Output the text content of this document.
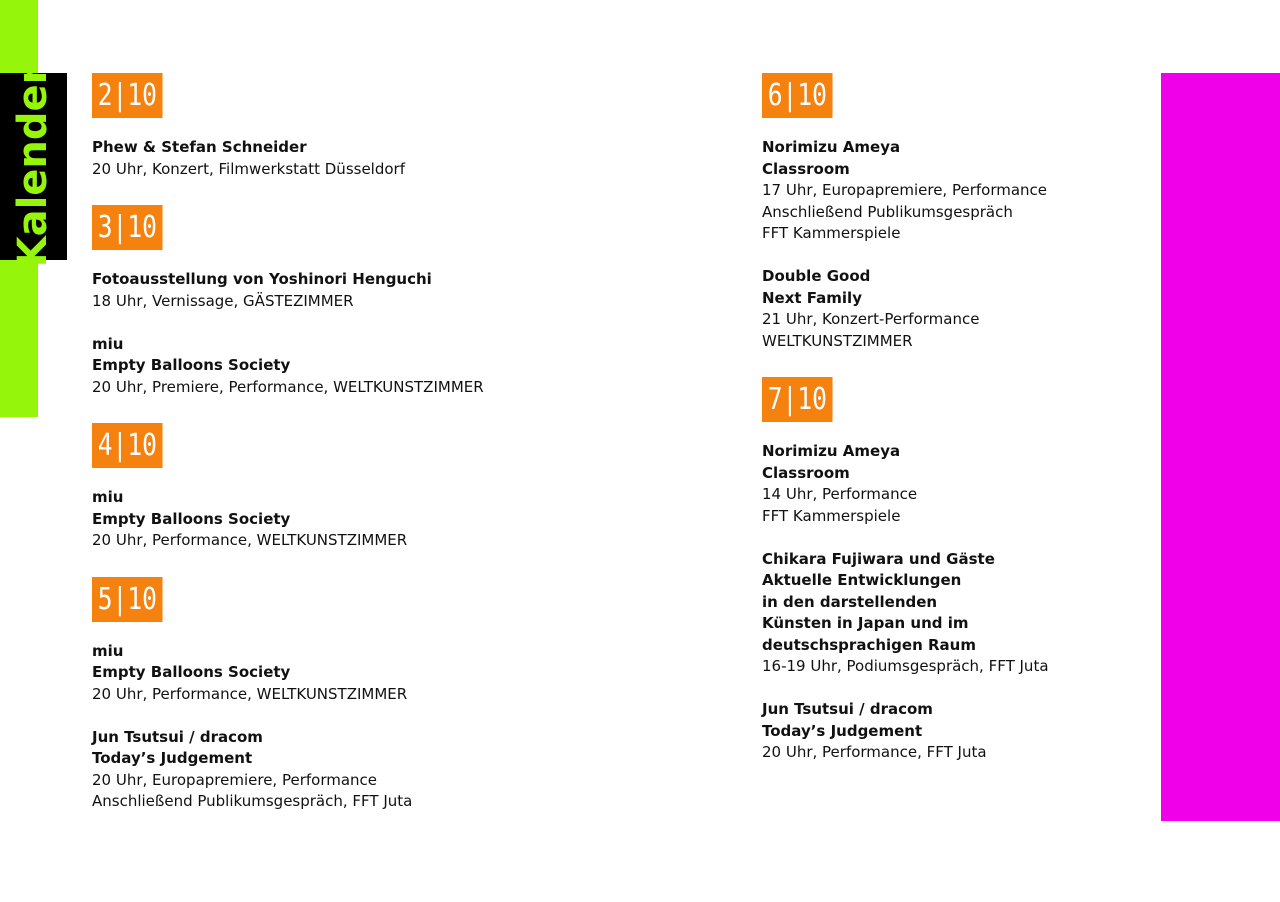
Kalender 2|10
Phew & Stefan Schneider
20 Uhr, Konzert, Filmwerkstatt Düsseldorf
3|10
Fotoausstellung von Yoshinori Henguchi
18 Uhr, Vernissage, GÄSTEZIMMER
miu
Empty Balloons Society
20 Uhr, Premiere, Performance, WELTKUNSTZIMMER
4|10
miu
Empty Balloons Society
20 Uhr, Performance, WELTKUNSTZIMMER
5|10
miu
Empty Balloons Society
20 Uhr, Performance, WELTKUNSTZIMMER
Jun Tsutsui / dracom
Today’s Judgement
20 Uhr, Europapremiere, Performance
Anschließend Publikumsgespräch, FFT Juta
6|10
Norimizu Ameya
Classroom
17 Uhr, Europapremiere, Performance
Anschließend Publikumsgespräch
FFT Kammerspiele
Double Good
Next Family
21 Uhr, Konzert-Performance
WELTKUNSTZIMMER
7|10
Norimizu Ameya
Classroom
14 Uhr, Performance
FFT Kammerspiele
Chikara Fujiwara und Gäste
Aktuelle Entwicklungen
in den darstellenden
Künsten in Japan und im
deutschsprachigen Raum
16-19 Uhr, Podiumsgespräch, FFT Juta
Jun Tsutsui / dracom
Today’s Judgement
20 Uhr, Performance, FFT Juta
